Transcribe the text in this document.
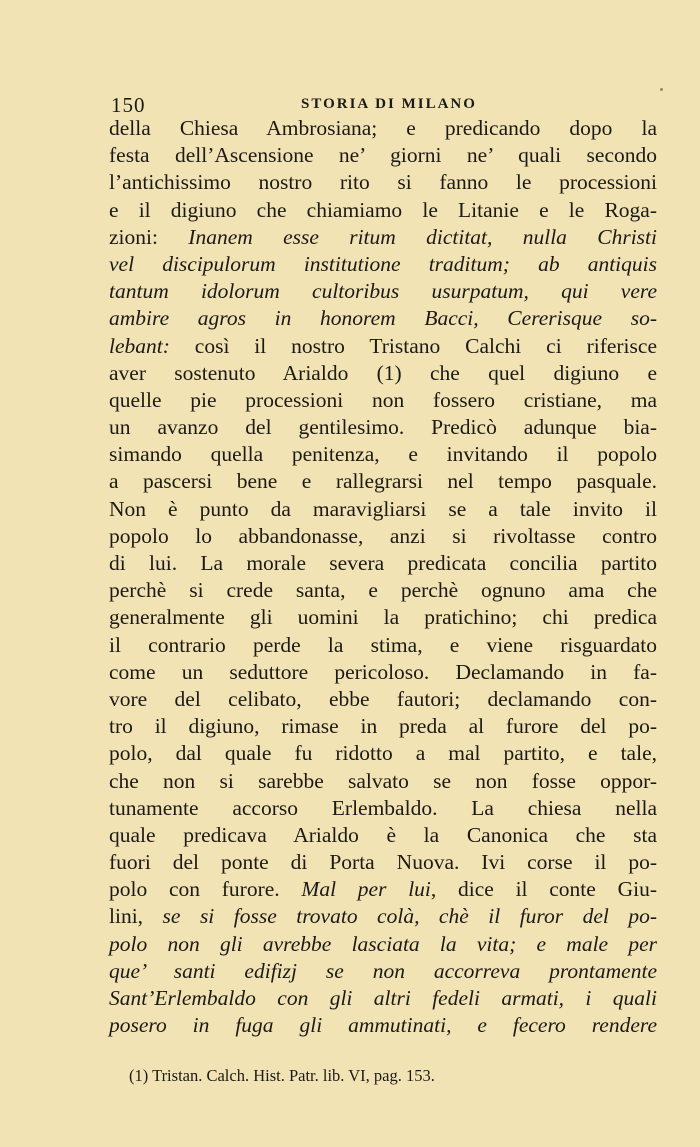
150	STORIA DI MILANO
della Chiesa Ambrosiana; e predicando dopo la
festa dell’Ascensione ne’ giorni ne’ quali secondo
l’antichissimo nostro rito si fanno le processioni
e il digiuno che chiamiamo le Litanie e le Roga-
zioni: Inanem esse ritum dictitat, nulla Christi
vel discipulorum institutione traditum; ab antiquis
tantum idolorum cultoribus usurpatum, qui vere
ambire agros in honorem Bacci, Cererisque so-
lebant: così il nostro Tristano Calchi ci riferisce
aver sostenuto Arialdo (1) che quel digiuno e
quelle pie processioni non fossero cristiane, ma
un avanzo del gentilesimo. Predicò adunque bia-
simando quella penitenza, e invitando il popolo
a pascersi bene e rallegrarsi nel tempo pasquale.
Non è punto da maravigliarsi se a tale invito il
popolo lo abbandonasse, anzi si rivoltasse contro
di lui. La morale severa predicata concilia partito
perchè si crede santa, e perchè ognuno ama che
generalmente gli uomini la pratichino; chi predica
il contrario perde la stima, e viene risguardato
come un seduttore pericoloso. Declamando in fa-
vore del celibato, ebbe fautori; declamando con-
tro il digiuno, rimase in preda al furore del po-
polo, dal quale fu ridotto a mal partito, e tale,
che non si sarebbe salvato se non fosse oppor-
tunamente accorso Erlembaldo. La chiesa nella
quale predicava Arialdo è la Canonica che sta
fuori del ponte di Porta Nuova. Ivi corse il po-
polo con furore. Mal per lui, dice il conte Giu-
lini, se si fosse trovato colà, chè il furor del po-
polo non gli avrebbe lasciata la vita; e male per
que’ santi edifizj se non accorreva prontamente
Sant’Erlembaldo con gli altri fedeli armati, i quali
posero in fuga gli ammutinati, e fecero rendere
(1) Tristan. Calch. Hist. Patr. lib. VI, pag. 153.
